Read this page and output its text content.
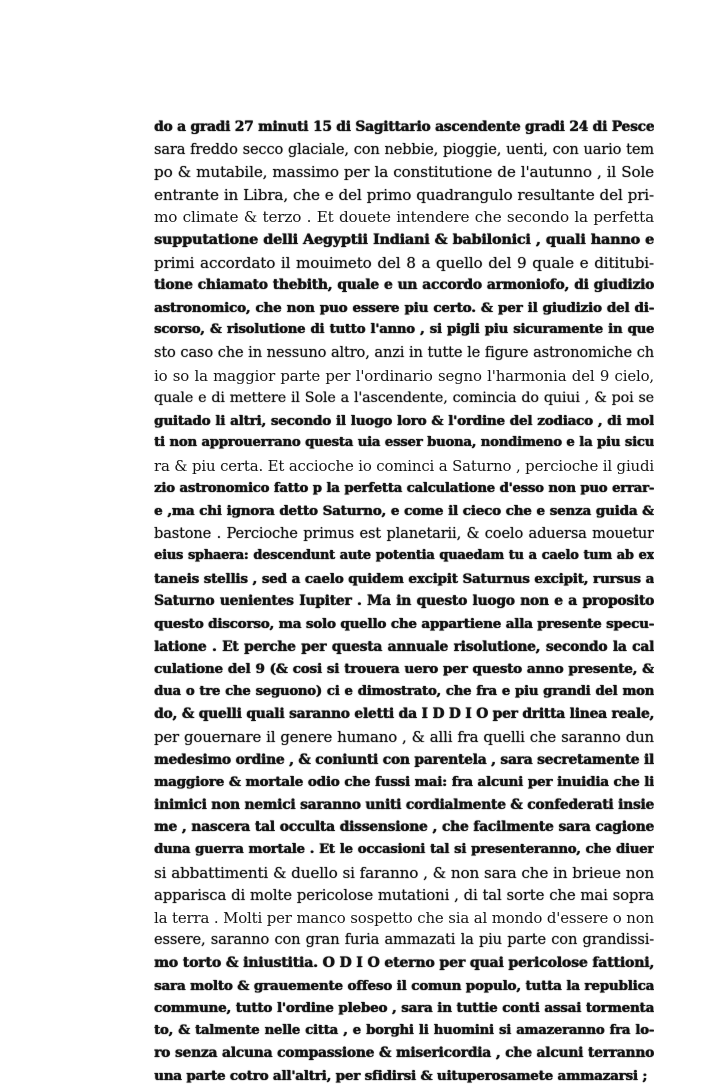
do a gradi 27 minuti 15 di Sagittario ascendente gradi 24 di Pesce
sara freddo secco glaciale, con nebbie, pioggie, uenti, con uario tem
po & mutabile, massimo per la constitutione de l'autunno , il Sole
entrante in Libra, che e del primo quadrangulo resultante del pri-
mo climate & terzo . Et douete intendere che secondo la perfetta
supputatione delli Aegyptii Indiani & babilonici , quali hanno e
primi accordato il mouimeto del 8 a quello del 9 quale e dititubi-
tione chiamato thebith, quale e un accordo armoniofo, di giudizio
astronomico, che non puo essere piu certo. & per il giudizio del di-
scorso, & risolutione di tutto l'anno , si pigli piu sicuramente in que
sto caso che in nessuno altro, anzi in tutte le figure astronomiche ch
io so la maggior parte per l'ordinario segno l'harmonia del 9 cielo,
quale e di mettere il Sole a l'ascendente, comincia do quiui , & poi se
guitado li altri, secondo il luogo loro & l'ordine del zodiaco , di mol
ti non approuerrano questa uia esser buona, nondimeno e la piu sicu
ra & piu certa. Et accioche io cominci a Saturno , percioche il giudi
zio astronomico fatto p la perfetta calculatione d'esso non puo errar-
e ,ma chi ignora detto Saturno, e come il cieco che e senza guida &
bastone . Percioche primus est planetarii, & coelo aduersa mouetur
eius sphaera: descendunt aute potentia quaedam tu a caelo tum ab ex
taneis stellis , sed a caelo quidem excipit Saturnus excipit, rursus a
Saturno uenientes Iupiter . Ma in questo luogo non e a proposito
questo discorso, ma solo quello che appartiene alla presente specu-
latione . Et perche per questa annuale risolutione, secondo la cal
culatione del 9 (& cosi si trouera uero per questo anno presente, &
dua o tre che seguono) ci e dimostrato, che fra e piu grandi del mon
do, & quelli quali saranno eletti da I D D I O per dritta linea reale,
per gouernare il genere humano , & alli fra quelli che saranno dun
medesimo ordine , & coniunti con parentela , sara secretamente il
maggiore & mortale odio che fussi mai: fra alcuni per inuidia che li
inimici non nemici saranno uniti cordialmente & confederati insie
me , nascera tal occulta dissensione , che facilmente sara cagione
duna guerra mortale . Et le occasioni tal si presenteranno, che diuer
si abbattimenti & duello si faranno , & non sara che in brieue non
apparisca di molte pericolose mutationi , di tal sorte che mai sopra
la terra . Molti per manco sospetto che sia al mondo d'essere o non
essere, saranno con gran furia ammazati la piu parte con grandissi-
mo torto & iniustitia. O D I O eterno per quai pericolose fattioni,
sara molto & grauemente offeso il comun populo, tutta la republica
commune, tutto l'ordine plebeo , sara in tuttie conti assai tormenta
to, & talmente nelle citta , e borghi li huomini si amazeranno fra lo-
ro senza alcuna compassione & misericordia , che alcuni terranno
una parte cotro all'altri, per sfidirsi & uituperosamete ammazarsi ;
